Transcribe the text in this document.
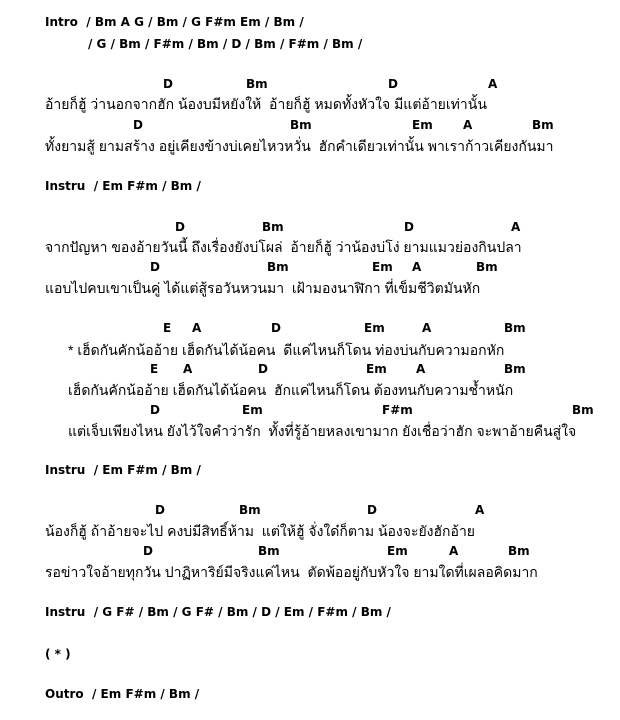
Intro  / Bm A G / Bm / G F#m Em / Bm /
/ G / Bm / F#m / Bm / D / Bm / F#m / Bm /
D	Bm	D	A
อ้ายก็ฮู้ ว่านอกจากฮัก น้องบมีหยังให้  อ้ายก็ฮู้ หมดทั้งหัวใจ มีแต่อ้ายเท่านั้น
D	Bm	Em	A	Bm
ทั้งยามสู้ ยามสร้าง อยู่เคียงข้างบ่เคยไหวหวั่น  ฮักคำเดียวเท่านั้น พาเราก้าวเคียงกันมา
Instru  / Em F#m / Bm /
D	Bm	D	A
จากปัญหา ของอ้ายวันนี้ ถึงเรื่องยังบ่โผล่  อ้ายก็ฮู้ ว่าน้องบ่โง่ ยามแมวย่องกินปลา
D	Bm	Em A	Bm
แอบไปคบเขาเป็นคู่ ได้แต่สู้รอวันหวนมา  เฝ้ามองนาฬิกา ที่เข็มชีวิตมันหัก
E A	D	Em	A	Bm
* เฮ็ดกันคักน้ออ้าย เฮ็ดกันได้น้อคน  ดีแค่ไหนก็โดน ท่องบ่นกับความอกหัก
E A	D	Em A	Bm
เฮ็ดกันคักน้ออ้าย เฮ็ดกันได้น้อคน  ฮักแค่ไหนก็โดน ต้องทนกับความช้ำหนัก
D	Em	F#m	Bm
แต่เจ็บเพียงไหน ยังไว้ใจคำว่ารัก  ทั้งที่รู้อ้ายหลงเขามาก ยังเชื่อว่าฮัก จะพาอ้ายคืนสู่ใจ
Instru  / Em F#m / Bm /
D	Bm	D	A
น้องก็ฮู้ ถ้าอ้ายจะไป คงบ่มีสิทธิ์ห้าม  แต่ให้ฮู้ จั่งใด๋ก็ตาม น้องจะยังฮักอ้าย
D	Bm	Em	A	Bm
รอข่าวใจอ้ายทุกวัน ปาฏิหาริย์มีจริงแค่ไหน  ตัดพ้ออยู่กับหัวใจ ยามใดที่เผลอคิดมาก
Instru  / G F# / Bm / G F# / Bm / D / Em / F#m / Bm /
( * )
Outro  / Em F#m / Bm /
